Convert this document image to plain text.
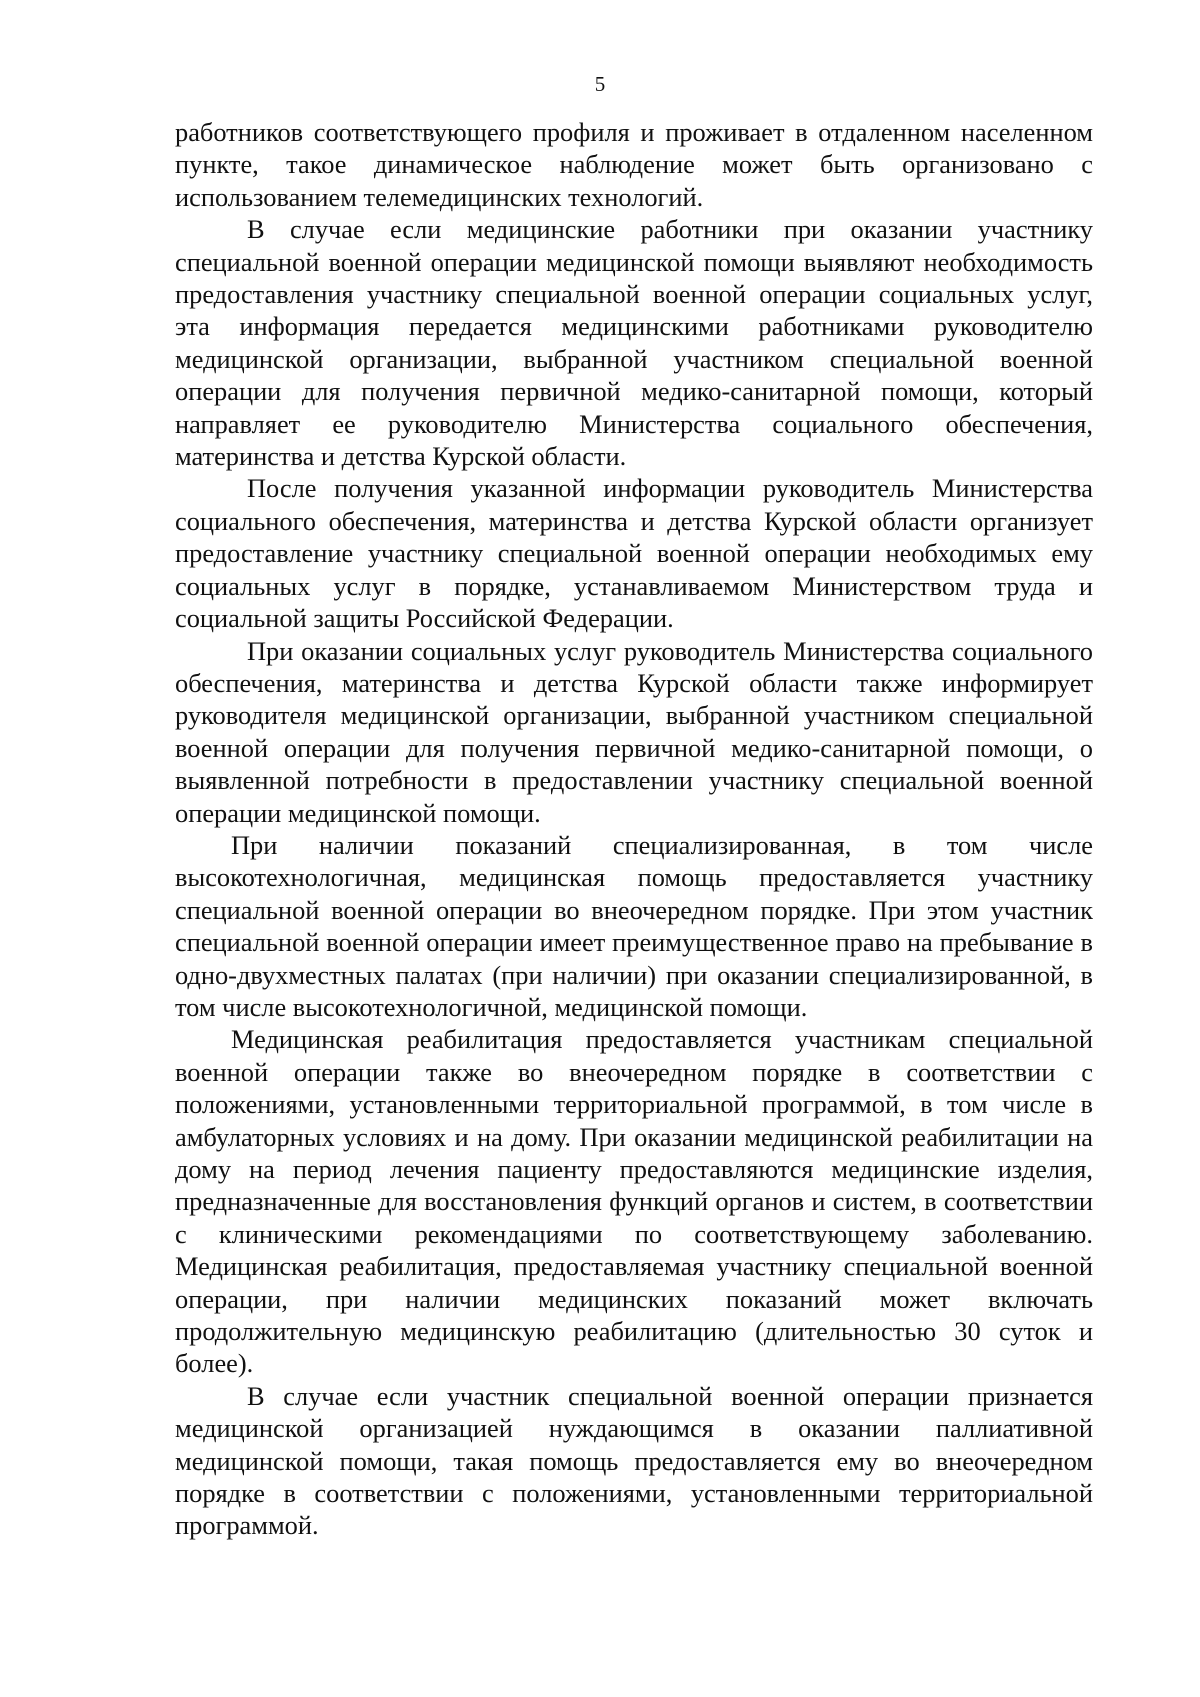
5

работников соответствующего профиля и проживает в отдаленном населенном пункте, такое динамическое наблюдение может быть организовано с использованием телемедицинских технологий.

В случае если медицинские работники при оказании участнику специальной военной операции медицинской помощи выявляют необходимость предоставления участнику специальной военной операции социальных услуг, эта информация передается медицинскими работниками руководителю медицинской организации, выбранной участником специальной военной операции для получения первичной медико-санитарной помощи, который направляет ее руководителю Министерства социального обеспечения, материнства и детства Курской области.

После получения указанной информации руководитель Министерства социального обеспечения, материнства и детства Курской области организует предоставление участнику специальной военной операции необходимых ему социальных услуг в порядке, устанавливаемом Министерством труда и социальной защиты Российской Федерации.

При оказании социальных услуг руководитель Министерства социального обеспечения, материнства и детства Курской области также информирует руководителя медицинской организации, выбранной участником специальной военной операции для получения первичной медико-санитарной помощи, о выявленной потребности в предоставлении участнику специальной военной операции медицинской помощи.

При наличии показаний специализированная, в том числе высокотехнологичная, медицинская помощь предоставляется участнику специальной военной операции во внеочередном порядке. При этом участник специальной военной операции имеет преимущественное право на пребывание в одно-двухместных палатах (при наличии) при оказании специализированной, в том числе высокотехнологичной, медицинской помощи.

Медицинская реабилитация предоставляется участникам специальной военной операции также во внеочередном порядке в соответствии с положениями, установленными территориальной программой, в том числе в амбулаторных условиях и на дому. При оказании медицинской реабилитации на дому на период лечения пациенту предоставляются медицинские изделия, предназначенные для восстановления функций органов и систем, в соответствии с клиническими рекомендациями по соответствующему заболеванию. Медицинская реабилитация, предоставляемая участнику специальной военной операции, при наличии медицинских показаний может включать продолжительную медицинскую реабилитацию (длительностью 30 суток и более).

В случае если участник специальной военной операции признается медицинской организацией нуждающимся в оказании паллиативной медицинской помощи, такая помощь предоставляется ему во внеочередном порядке в соответствии с положениями, установленными территориальной программой.
